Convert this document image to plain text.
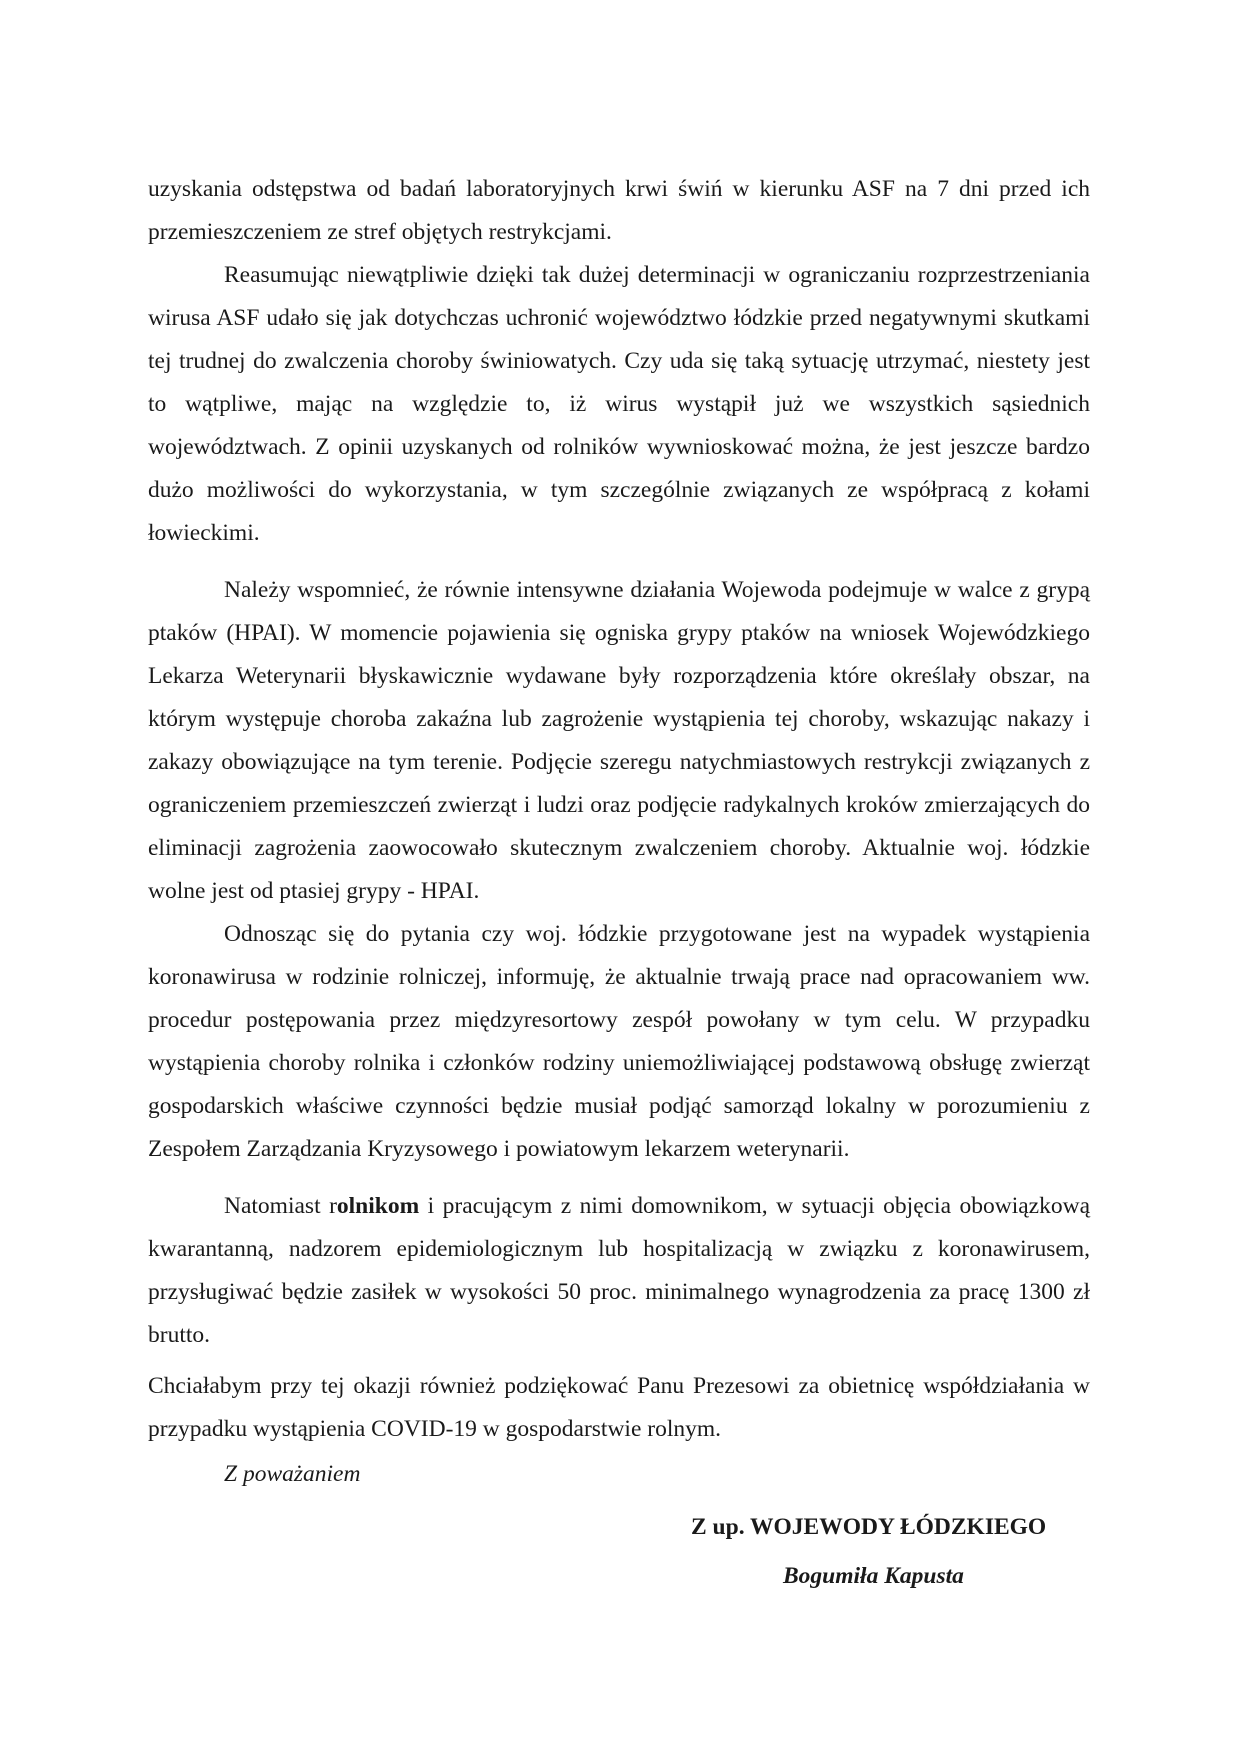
uzyskania odstępstwa od badań laboratoryjnych krwi świń w kierunku ASF na 7 dni przed ich przemieszczeniem ze stref objętych restrykcjami.

Reasumując niewątpliwie dzięki tak dużej determinacji w ograniczaniu rozprzestrzeniania wirusa ASF udało się jak dotychczas uchronić województwo łódzkie przed negatywnymi skutkami tej trudnej do zwalczenia choroby świniowatych. Czy uda się taką sytuację utrzymać, niestety jest to wątpliwe, mając na względzie to, iż wirus wystąpił już we wszystkich sąsiednich województwach. Z opinii uzyskanych od rolników wywnioskować można, że jest jeszcze bardzo dużo możliwości do wykorzystania, w tym szczególnie związanych ze współpracą z kołami łowieckimi.

Należy wspomnieć, że równie intensywne działania Wojewoda podejmuje w walce z grypą ptaków (HPAI). W momencie pojawienia się ogniska grypy ptaków na wniosek Wojewódzkiego Lekarza Weterynarii błyskawicznie wydawane były rozporządzenia które określały obszar, na którym występuje choroba zakaźna lub zagrożenie wystąpienia tej choroby, wskazując nakazy i zakazy obowiązujące na tym terenie. Podjęcie szeregu natychmiastowych restrykcji związanych z ograniczeniem przemieszczeń zwierząt i ludzi oraz podjęcie radykalnych kroków zmierzających do eliminacji zagrożenia zaowocowało skutecznym zwalczeniem choroby. Aktualnie woj. łódzkie wolne jest od ptasiej grypy - HPAI.

Odnosząc się do pytania czy woj. łódzkie przygotowane jest na wypadek wystąpienia koronawirusa w rodzinie rolniczej, informuję, że aktualnie trwają prace nad opracowaniem ww. procedur postępowania przez międzyresortowy zespół powołany w tym celu. W przypadku wystąpienia choroby rolnika i członków rodziny uniemożliwiającej podstawową obsługę zwierząt gospodarskich właściwe czynności będzie musiał podjąć samorząd lokalny w porozumieniu z Zespołem Zarządzania Kryzysowego i powiatowym lekarzem weterynarii.

Natomiast rolnikom i pracującym z nimi domownikom, w sytuacji objęcia obowiązkową kwarantanną, nadzorem epidemiologicznym lub hospitalizacją w związku z koronawirusem, przysługiwać będzie zasiłek w wysokości 50 proc. minimalnego wynagrodzenia za pracę 1300 zł brutto.

Chciałabym przy tej okazji również podziękować Panu Prezesowi za obietnicę współdziałania w przypadku wystąpienia COVID-19 w gospodarstwie rolnym.

Z poważaniem

Z up. WOJEWODY ŁÓDZKIEGO

Bogumiła Kapusta
